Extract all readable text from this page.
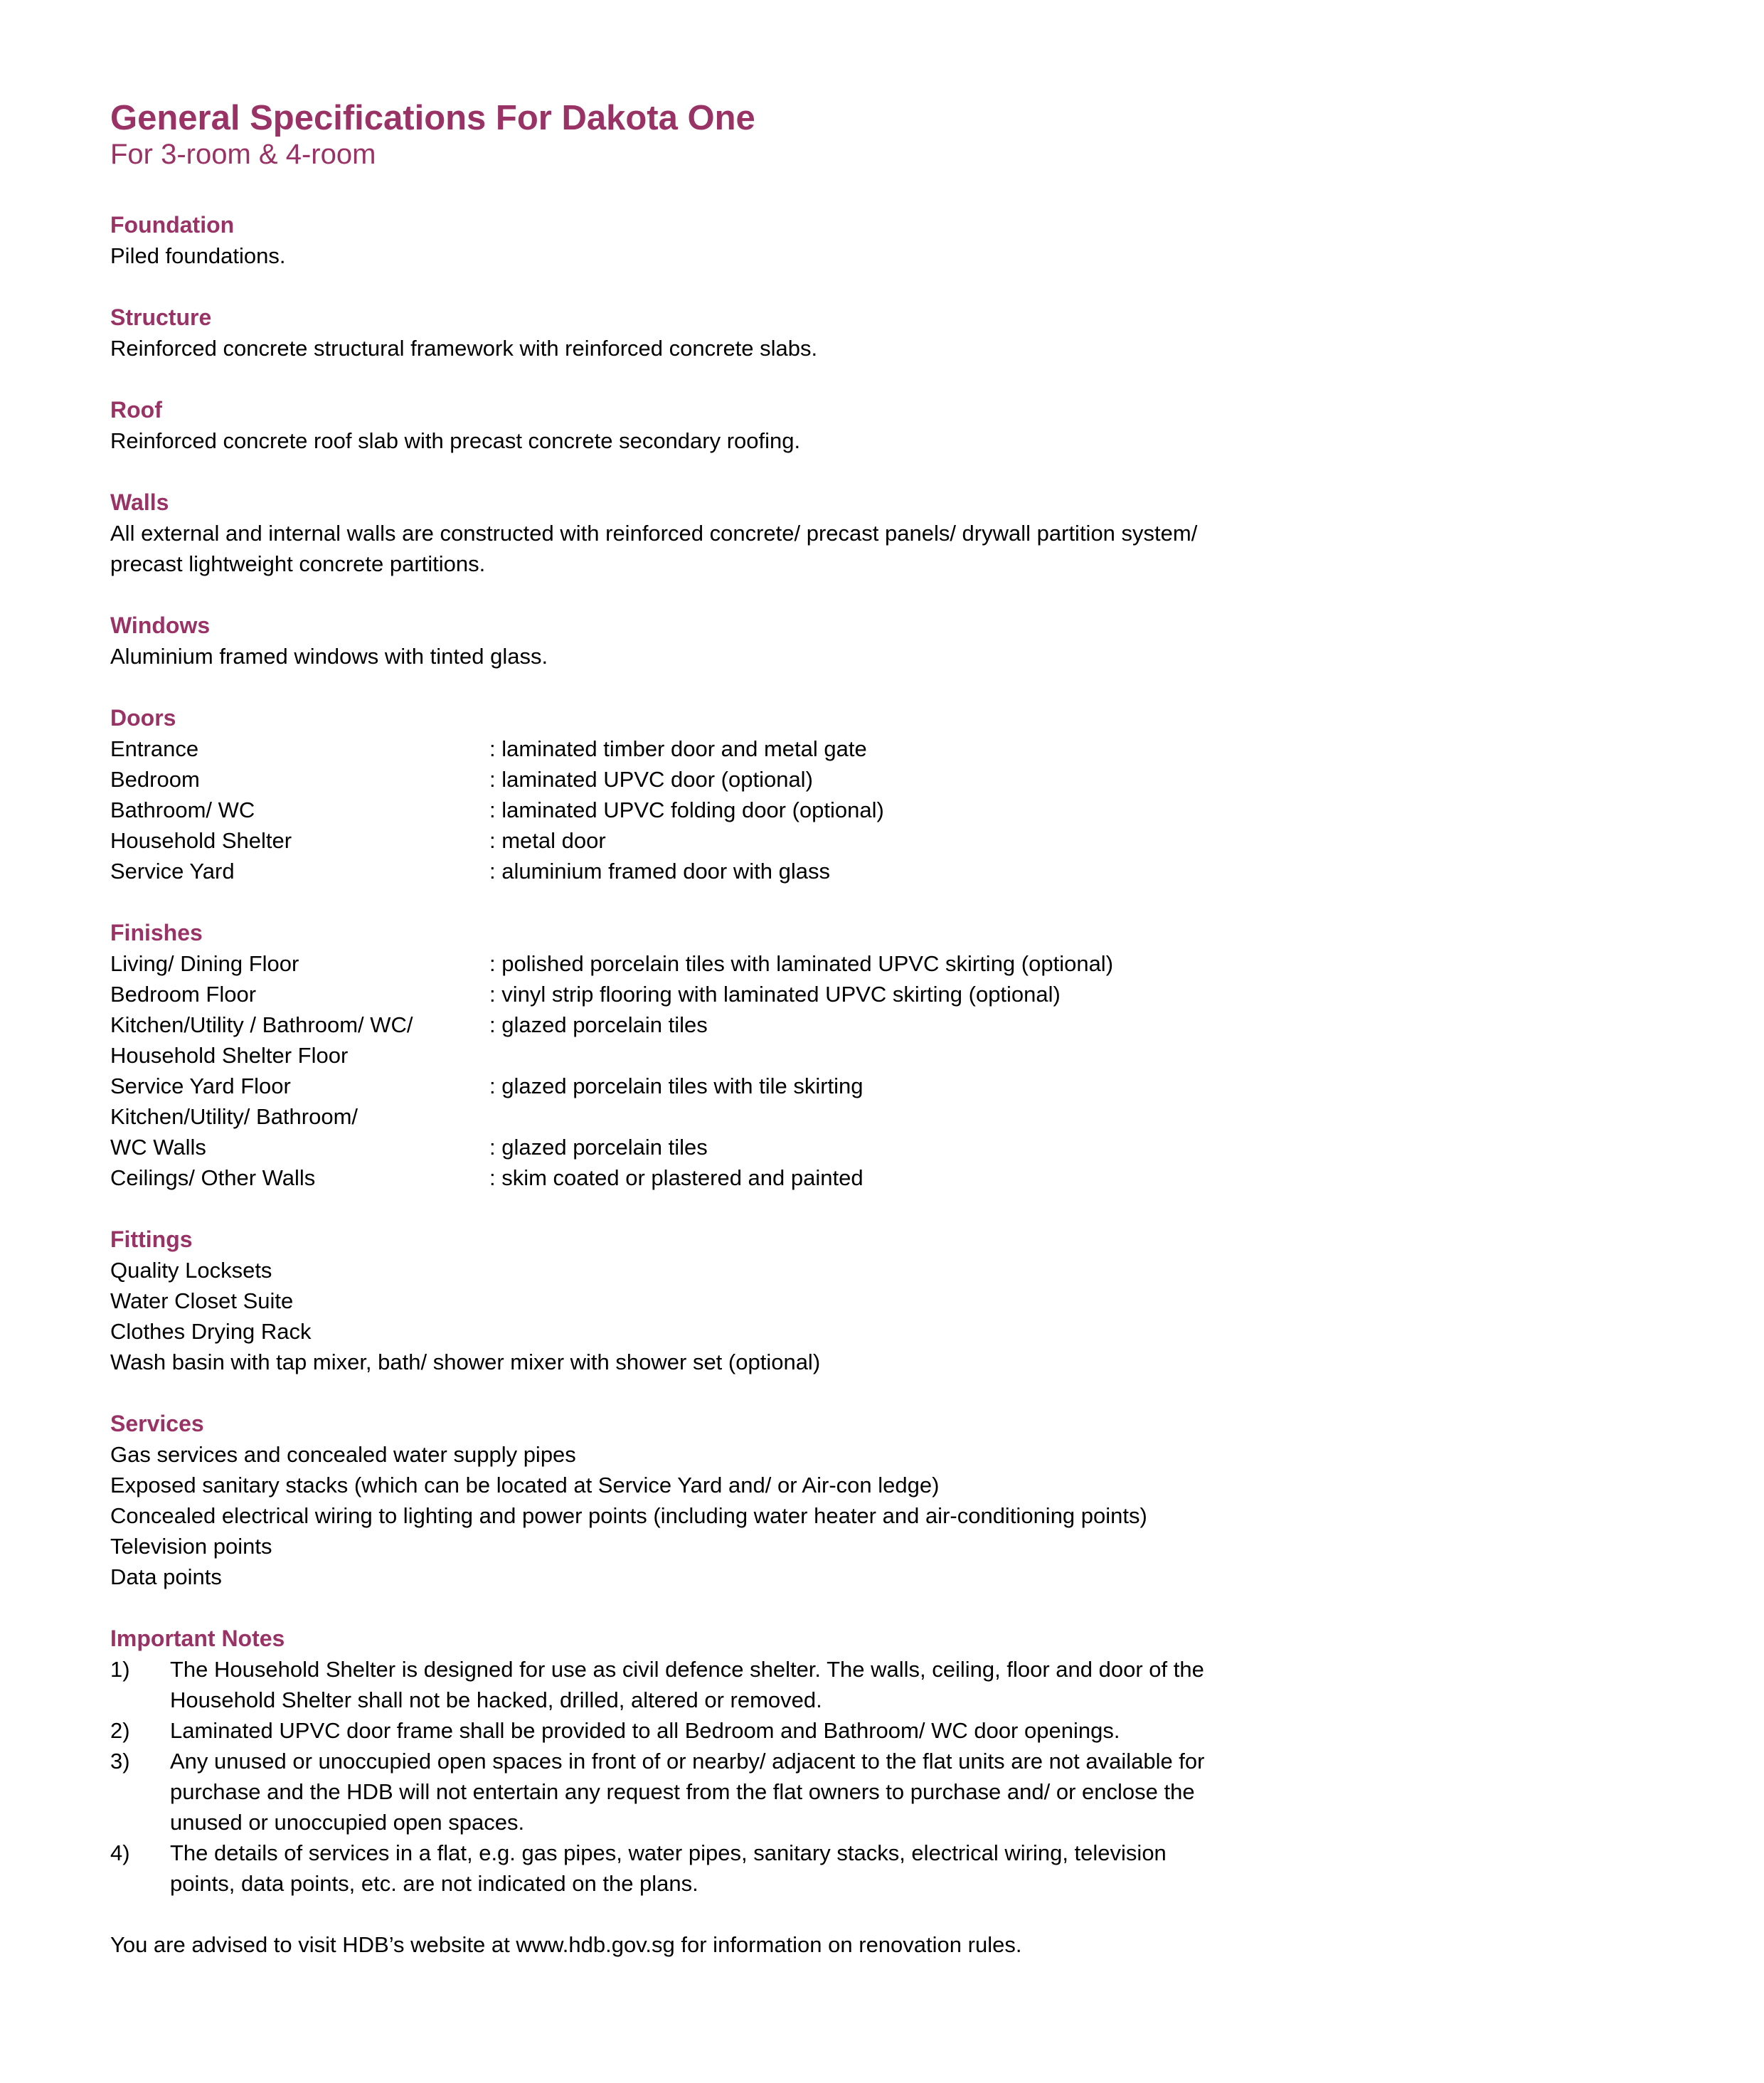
General Specifications For Dakota One
For 3-room & 4-room
Foundation
Piled foundations.
Structure
Reinforced concrete structural framework with reinforced concrete slabs.
Roof
Reinforced concrete roof slab with precast concrete secondary roofing.
Walls
All external and internal walls are constructed with reinforced concrete/ precast panels/ drywall partition system/
precast lightweight concrete partitions.
Windows
Aluminium framed windows with tinted glass.
Doors
Entrance	: laminated timber door and metal gate
Bedroom	: laminated UPVC door (optional)
Bathroom/ WC	: laminated UPVC folding door (optional)
Household Shelter	: metal door
Service Yard	: aluminium framed door with glass
Finishes
Living/ Dining Floor	: polished porcelain tiles with laminated UPVC skirting (optional)
Bedroom Floor	: vinyl strip flooring with laminated UPVC skirting (optional)
Kitchen/Utility / Bathroom/ WC/	: glazed porcelain tiles
Household Shelter Floor
Service Yard Floor	: glazed porcelain tiles with tile skirting
Kitchen/Utility/ Bathroom/
WC Walls	: glazed porcelain tiles
Ceilings/ Other Walls	: skim coated or plastered and painted
Fittings
Quality Locksets
Water Closet Suite
Clothes Drying Rack
Wash basin with tap mixer, bath/ shower mixer with shower set (optional)
Services
Gas services and concealed water supply pipes
Exposed sanitary stacks (which can be located at Service Yard and/ or Air-con ledge)
Concealed electrical wiring to lighting and power points (including water heater and air-conditioning points)
Television points
Data points
Important Notes
1)	The Household Shelter is designed for use as civil defence shelter. The walls, ceiling, floor and door of the
Household Shelter shall not be hacked, drilled, altered or removed.
2)	Laminated UPVC door frame shall be provided to all Bedroom and Bathroom/ WC door openings.
3)	Any unused or unoccupied open spaces in front of or nearby/ adjacent to the flat units are not available for
purchase and the HDB will not entertain any request from the flat owners to purchase and/ or enclose the
unused or unoccupied open spaces.
4)	The details of services in a flat, e.g. gas pipes, water pipes, sanitary stacks, electrical wiring, television
points, data points, etc. are not indicated on the plans.
You are advised to visit HDB’s website at www.hdb.gov.sg for information on renovation rules.
